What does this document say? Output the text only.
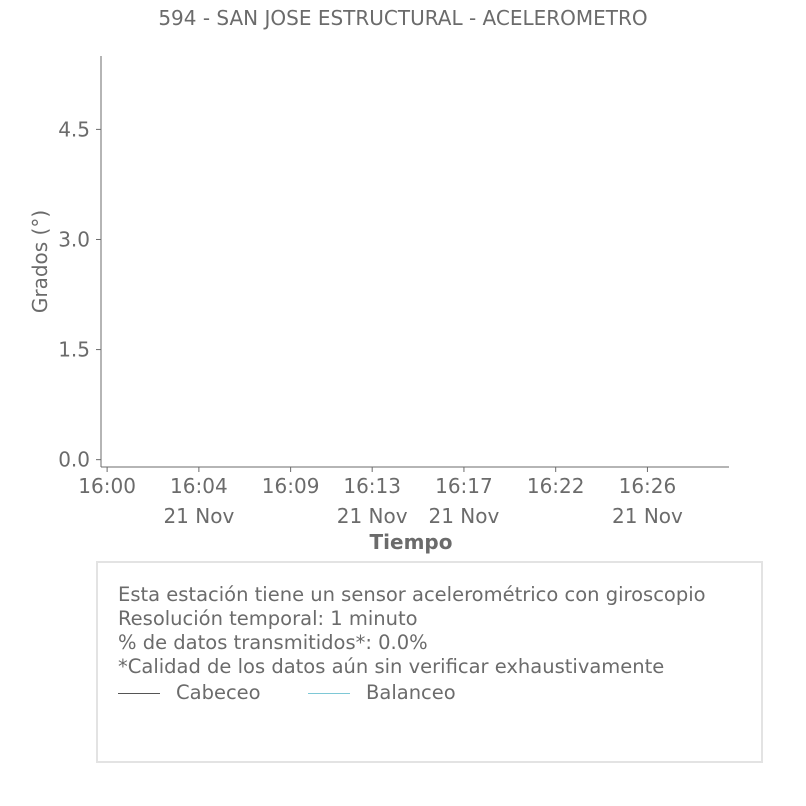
0.0
1.5
3.0
4.5
Grados (°)
16:00 16:04
21 Nov
16:09 16:13
21 Nov
16:17
21 Nov
16:22 16:26
21 Nov
Tiempo
594 - SAN JOSE ESTRUCTURAL - ACELEROMETRO
Esta estación tiene un sensor acelerométrico con giroscopio
Resolución temporal: 1 minuto
% de datos transmitidos*: 0.0%
*Calidad de los datos aún sin verificar exhaustivamente
Cabeceo	Balanceo
